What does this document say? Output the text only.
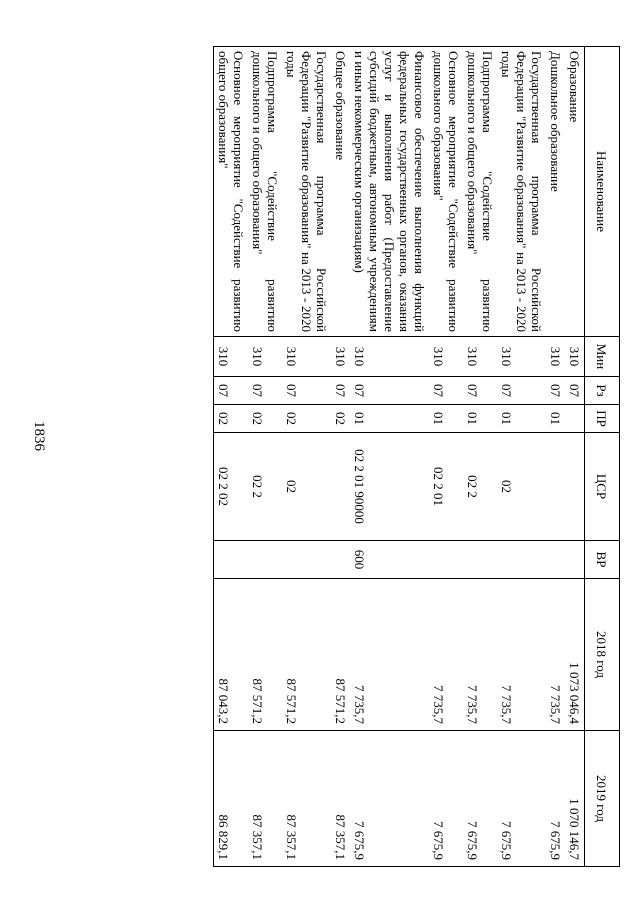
1836
Наименование	Мин	Рз	ПР	ЦСР	ВР	2018 год	2019 год
Образование	310	07				1 073 046,4	1 070 146,7
Дошкольное образование	310	07	01			7 735,7	7 675,9
Государственная программа Российской Федерации "Развитие образования" на 2013 - 2020 годы	310	07	01	02		7 735,7	7 675,9
Подпрограмма "Содействие развитию дошкольного и общего образования"	310	07	01	02 2		7 735,7	7 675,9
Основное мероприятие "Содействие развитию дошкольного образования"	310	07	01	02 2 01		7 735,7	7 675,9
Финансовое обеспечение выполнения функций федеральных государственных органов, оказания услуг и выполнения работ (Предоставление субсидий бюджетным, автономным учреждениям и иным некоммерческим организациям)	310	07	01	02 2 01 90000	600	7 735,7	7 675,9
Общее образование	310	07	02			87 571,2	87 357,1
Государственная программа Российской Федерации "Развитие образования" на 2013 - 2020 годы	310	07	02	02		87 571,2	87 357,1
Подпрограмма "Содействие развитию дошкольного и общего образования"	310	07	02	02 2		87 571,2	87 357,1
Основное мероприятие "Содействие развитию общего образования"	310	07	02	02 2 02		87 043,2	86 829,1
